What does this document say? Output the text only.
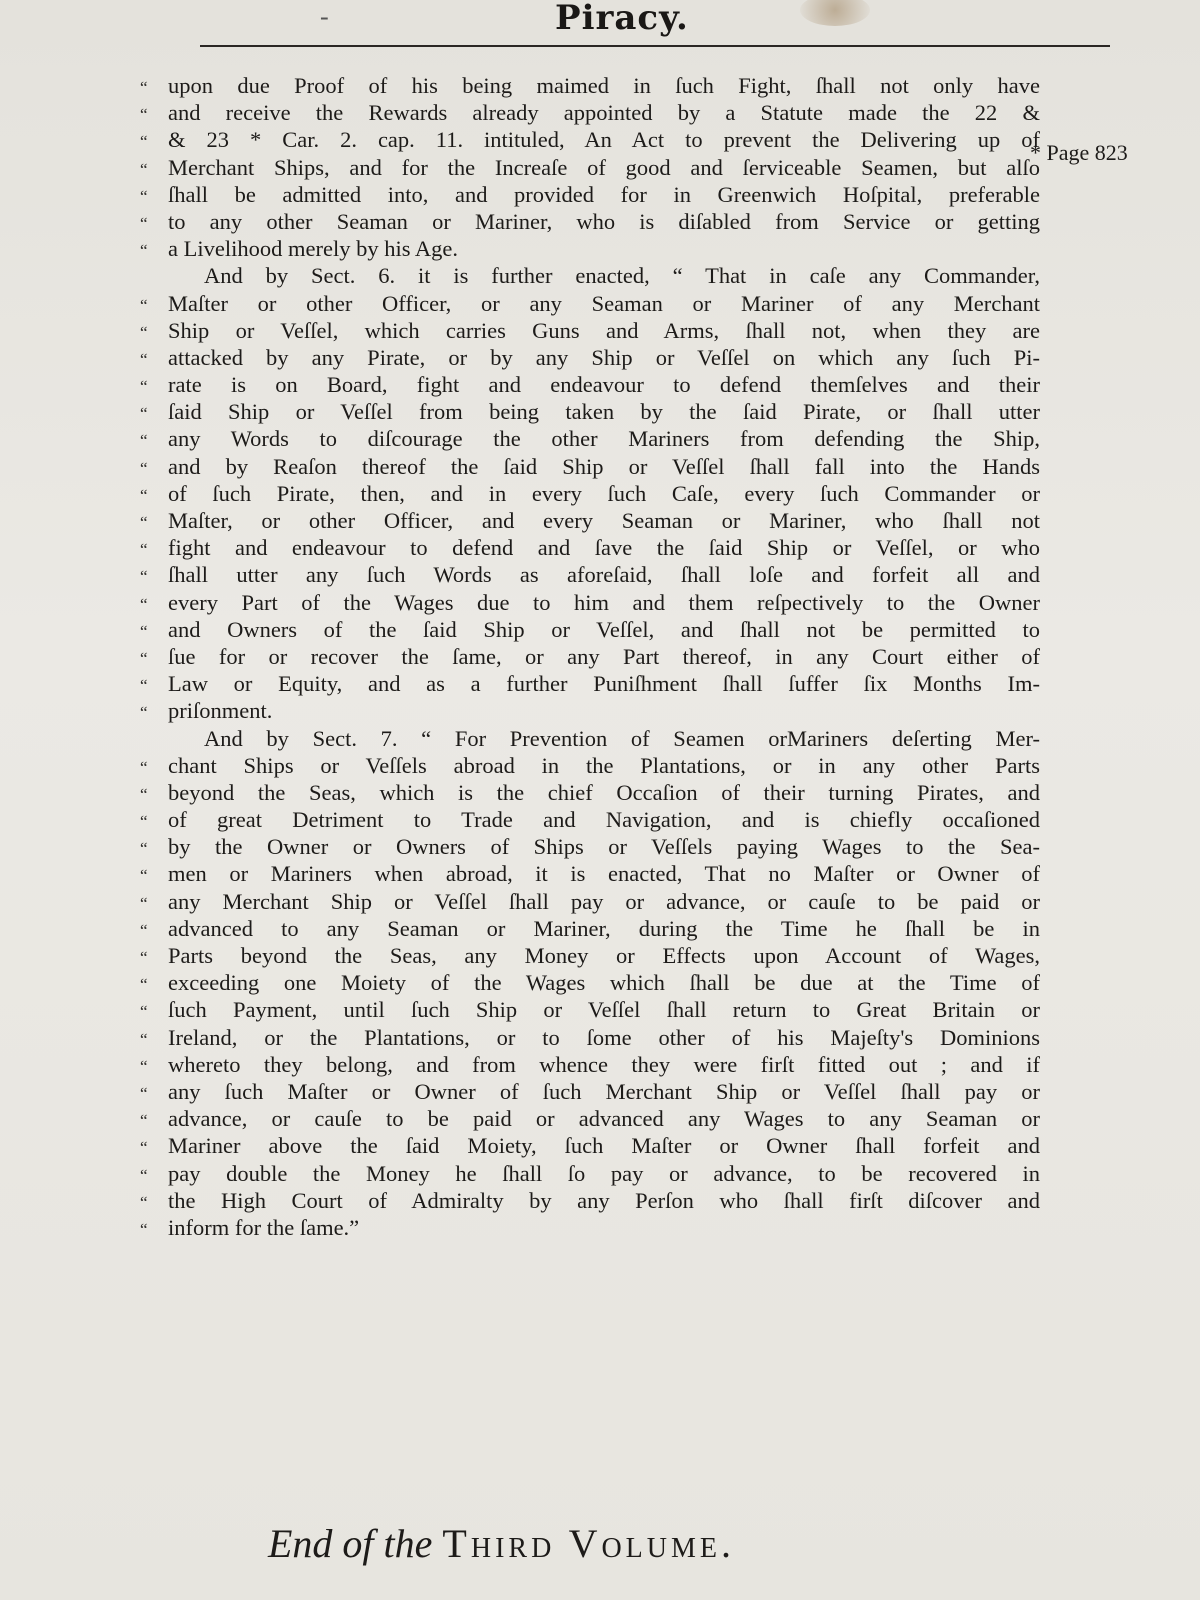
-	Piracy.
* Page 823
“ upon due Proof of his being maimed in ſuch Fight, ſhall not only have
“ and receive the Rewards already appointed by a Statute made the 22 &
“ & 23 * Car. 2. cap. 11. intituled, An Act to prevent the Delivering up of
“ Merchant Ships, and for the Increaſe of good and ſerviceable Seamen, but alſo
“ ſhall be admitted into, and provided for in Greenwich Hoſpital, preferable
“ to any other Seaman or Mariner, who is diſabled from Service or getting
“ a Livelihood merely by his Age.
And by Sect. 6. it is further enacted, “ That in caſe any Commander,
“ Maſter or other Officer, or any Seaman or Mariner of any Merchant
“ Ship or Veſſel, which carries Guns and Arms, ſhall not, when they are
“ attacked by any Pirate, or by any Ship or Veſſel on which any ſuch Pi-
“ rate is on Board, fight and endeavour to defend themſelves and their
“ ſaid Ship or Veſſel from being taken by the ſaid Pirate, or ſhall utter
“ any Words to diſcourage the other Mariners from defending the Ship,
“ and by Reaſon thereof the ſaid Ship or Veſſel ſhall fall into the Hands
“ of ſuch Pirate, then, and in every ſuch Caſe, every ſuch Commander or
“ Maſter, or other Officer, and every Seaman or Mariner, who ſhall not
“ fight and endeavour to defend and ſave the ſaid Ship or Veſſel, or who
“ ſhall utter any ſuch Words as aforeſaid, ſhall loſe and forfeit all and
“ every Part of the Wages due to him and them reſpectively to the Owner
“ and Owners of the ſaid Ship or Veſſel, and ſhall not be permitted to
“ ſue for or recover the ſame, or any Part thereof, in any Court either of
“ Law or Equity, and as a further Puniſhment ſhall ſuffer ſix Months Im-
“ priſonment.
And by Sect. 7. “ For Prevention of Seamen orMariners deſerting Mer-
“ chant Ships or Veſſels abroad in the Plantations, or in any other Parts
“ beyond the Seas, which is the chief Occaſion of their turning Pirates, and
“ of great Detriment to Trade and Navigation, and is chiefly occaſioned
“ by the Owner or Owners of Ships or Veſſels paying Wages to the Sea-
“ men or Mariners when abroad, it is enacted, That no Maſter or Owner of
“ any Merchant Ship or Veſſel ſhall pay or advance, or cauſe to be paid or
“ advanced to any Seaman or Mariner, during the Time he ſhall be in
“ Parts beyond the Seas, any Money or Effects upon Account of Wages,
“ exceeding one Moiety of the Wages which ſhall be due at the Time of
“ ſuch Payment, until ſuch Ship or Veſſel ſhall return to Great Britain or
“ Ireland, or the Plantations, or to ſome other of his Majeſty's Dominions
“ whereto they belong, and from whence they were firſt fitted out ; and if
“ any ſuch Maſter or Owner of ſuch Merchant Ship or Veſſel ſhall pay or
“ advance, or cauſe to be paid or advanced any Wages to any Seaman or
“ Mariner above the ſaid Moiety, ſuch Maſter or Owner ſhall forfeit and
“ pay double the Money he ſhall ſo pay or advance, to be recovered in
“ the High Court of Admiralty by any Perſon who ſhall firſt diſcover and
“ inform for the ſame.”
End of the Third Volume.
